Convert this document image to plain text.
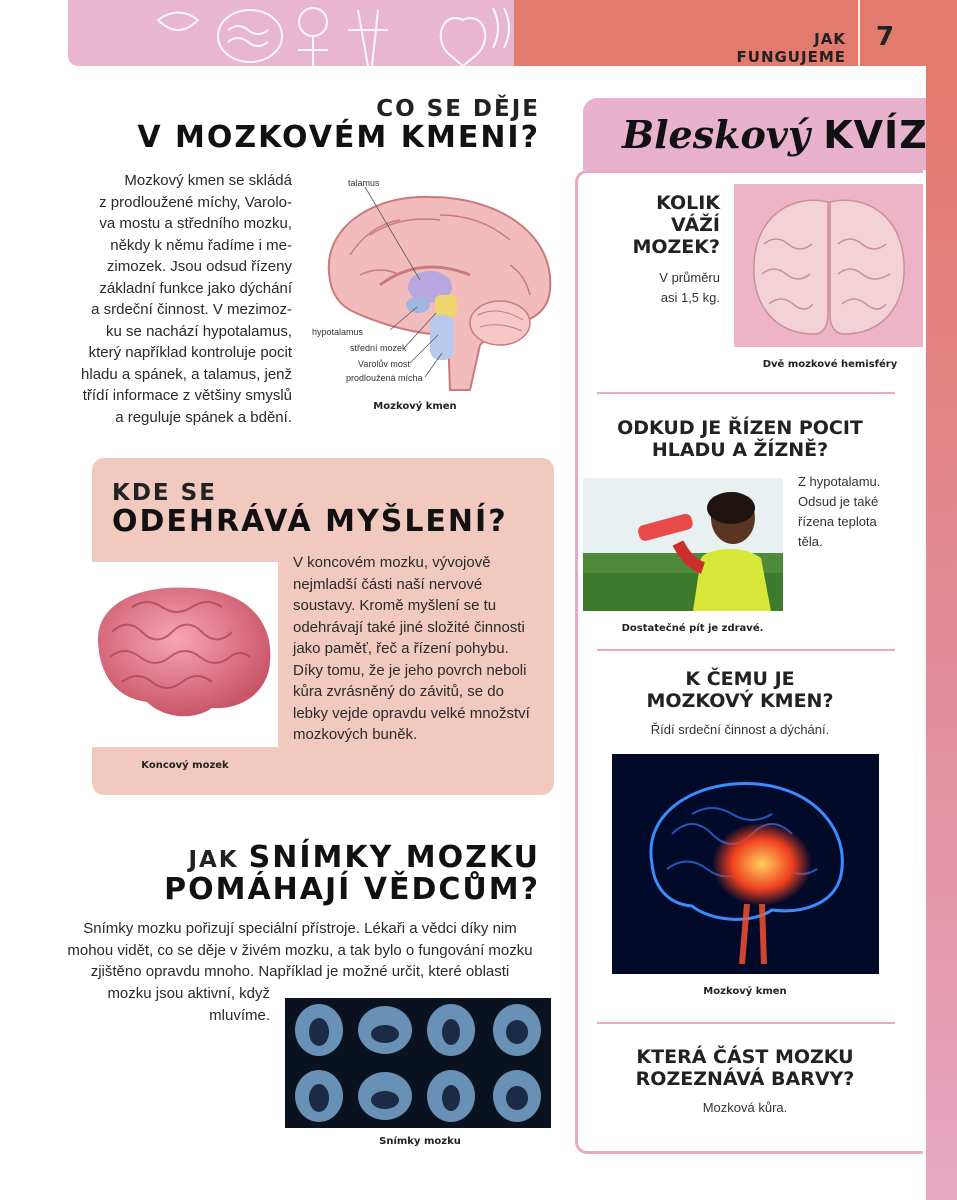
JAK FUNGUJEME
7
CO SE DĚJE
V MOZKOVÉM KMENI?
Mozkový kmen se skládá
z prodloužené míchy, Varolo-
va mostu a středního mozku,
někdy k němu řadíme i me-
zimozek. Jsou odsud řízeny
základní funkce jako dýchání
a srdeční činnost. V mezimoz-
ku se nachází hypotalamus,
který například kontroluje pocit
hladu a spánek, a talamus, jenž
třídí informace z většiny smyslů
a reguluje spánek a bdění.
talamus
hypotalamus
střední mozek
Varolův most
prodloužená mícha
Mozkový kmen
KDE SE
ODEHRÁVÁ MYŠLENÍ?
Koncový mozek
V koncovém mozku, vývojově
nejmladší části naší nervové
soustavy. Kromě myšlení se tu
odehrávají také jiné složité činnosti
jako paměť, řeč a řízení pohybu.
Díky tomu, že je jeho povrch neboli
kůra zvrásněný do závitů, se do
lebky vejde opravdu velké množství
mozkových buněk.
JAK SNÍMKY MOZKU
POMÁHAJÍ VĚDCŮM?
Snímky mozku pořizují speciální přístroje. Lékaři a vědci díky nim
mohou vidět, co se děje v živém mozku, a tak bylo o fungování mozku
zjištěno opravdu mnoho. Například je možné určit, které oblasti
mozku jsou aktivní, když
mluvíme.
Snímky mozku
Bleskový KVÍZ
KOLIK
VÁŽÍ
MOZEK?
V průměru
asi 1,5 kg.
Dvě mozkové hemisféry
ODKUD JE ŘÍZEN POCIT
HLADU A ŽÍZNĚ?
Z hypotalamu.
Odsud je také
řízena teplota
těla.
Dostatečné pít je zdravé.
K ČEMU JE
MOZKOVÝ KMEN?
Řídí srdeční činnost a dýchání.
Mozkový kmen
KTERÁ ČÁST MOZKU
ROZEZNÁVÁ BARVY?
Mozková kůra.
